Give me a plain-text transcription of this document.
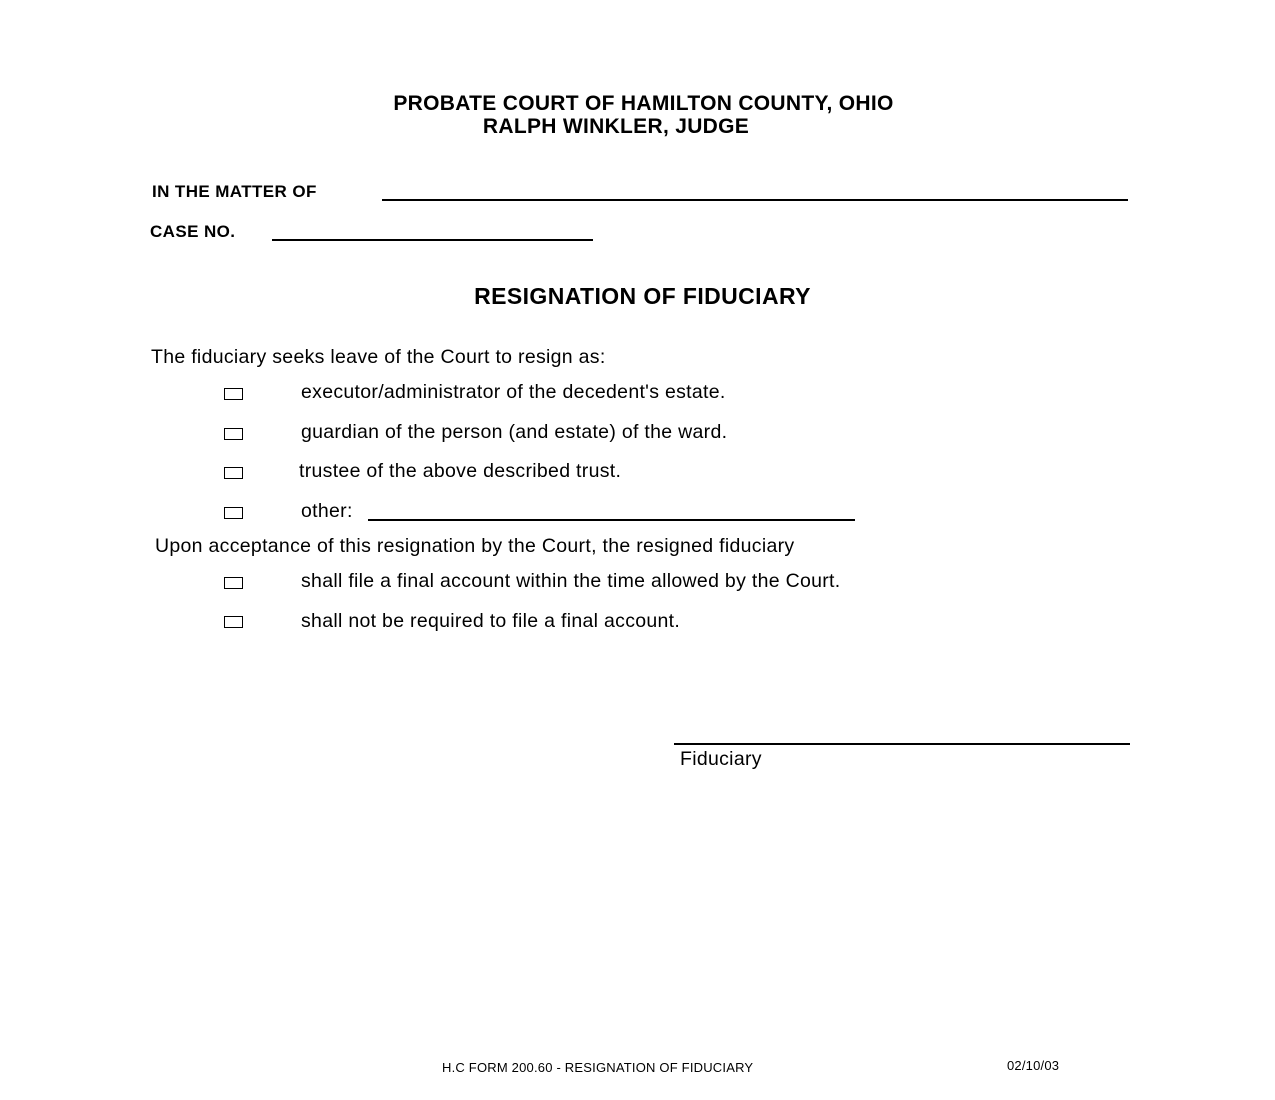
PROBATE COURT OF HAMILTON COUNTY, OHIO
RALPH WINKLER, JUDGE
IN THE MATTER OF
CASE NO.
RESIGNATION OF FIDUCIARY
The fiduciary seeks leave of the Court to resign as:
executor/administrator of the decedent's estate.
guardian of the person (and estate) of the ward.
trustee of the above described trust.
other:
Upon acceptance of this resignation by the Court, the resigned fiduciary
shall file a final account within the time allowed by the Court.
shall not be required to file a final account.
Fiduciary
H.C FORM 200.60 - RESIGNATION OF FIDUCIARY	02/10/03
